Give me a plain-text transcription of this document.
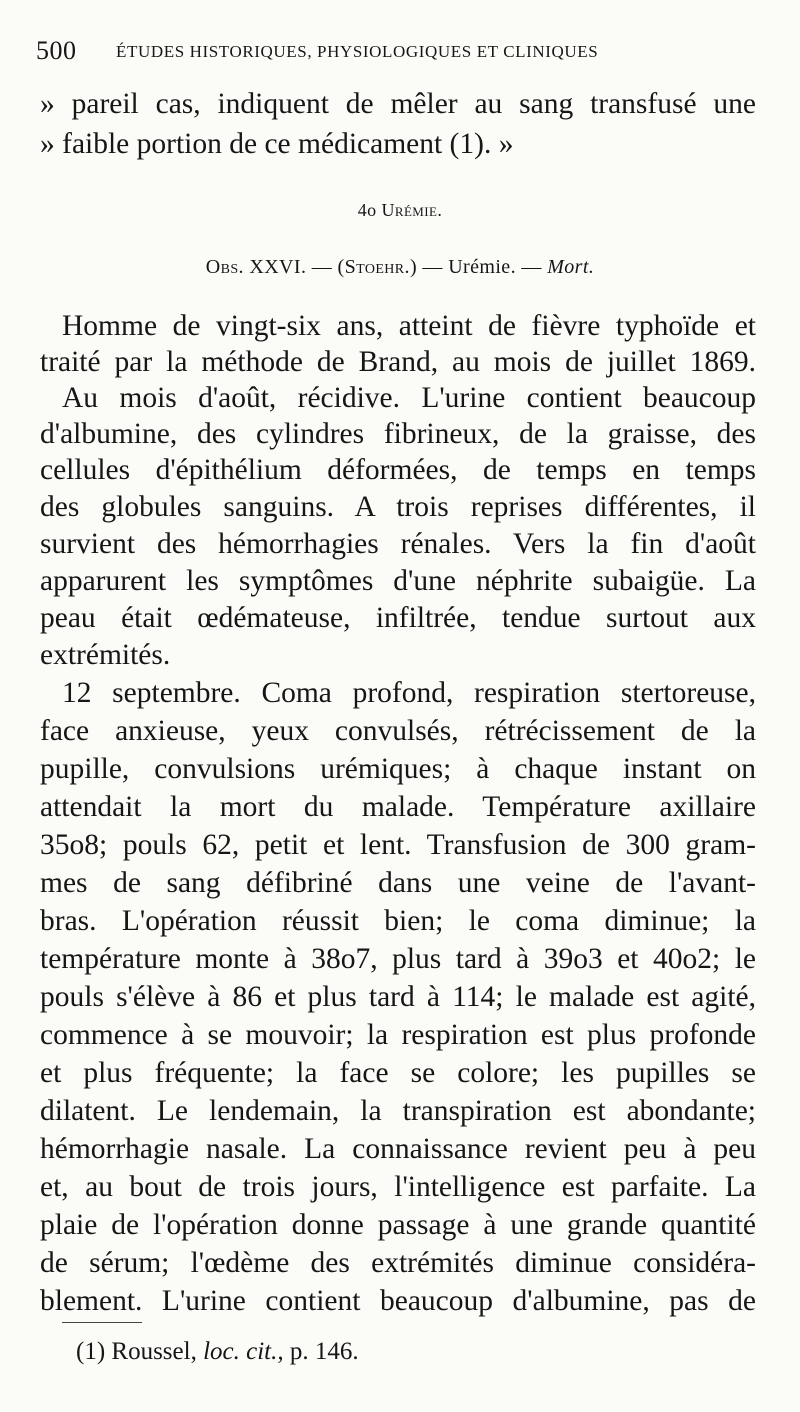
500 ÉTUDES HISTORIQUES, PHYSIOLOGIQUES ET CLINIQUES
» pareil cas, indiquent de mêler au sang transfusé une
» faible portion de ce médicament (1). »
4o Urémie.
Obs. XXVI. — (Stoehr.) — Urémie. — Mort.
Homme de vingt-six ans, atteint de fièvre typhoïde et
traité par la méthode de Brand, au mois de juillet 1869.
Au mois d'août, récidive. L'urine contient beaucoup
d'albumine, des cylindres fibrineux, de la graisse, des
cellules d'épithélium déformées, de temps en temps
des globules sanguins. A trois reprises différentes, il
survient des hémorrhagies rénales. Vers la fin d'août
apparurent les symptômes d'une néphrite subaigüe. La
peau était œdémateuse, infiltrée, tendue surtout aux
extrémités.
12 septembre. Coma profond, respiration stertoreuse,
face anxieuse, yeux convulsés, rétrécissement de la
pupille, convulsions urémiques; à chaque instant on
attendait la mort du malade. Température axillaire
35o8; pouls 62, petit et lent. Transfusion de 300 gram-
mes de sang défibriné dans une veine de l'avant-
bras. L'opération réussit bien; le coma diminue; la
température monte à 38o7, plus tard à 39o3 et 40o2; le
pouls s'élève à 86 et plus tard à 114; le malade est agité,
commence à se mouvoir; la respiration est plus profonde
et plus fréquente; la face se colore; les pupilles se
dilatent. Le lendemain, la transpiration est abondante;
hémorrhagie nasale. La connaissance revient peu à peu
et, au bout de trois jours, l'intelligence est parfaite. La
plaie de l'opération donne passage à une grande quantité
de sérum; l'œdème des extrémités diminue considéra-
blement. L'urine contient beaucoup d'albumine, pas de
(1) Roussel, loc. cit., p. 146.
